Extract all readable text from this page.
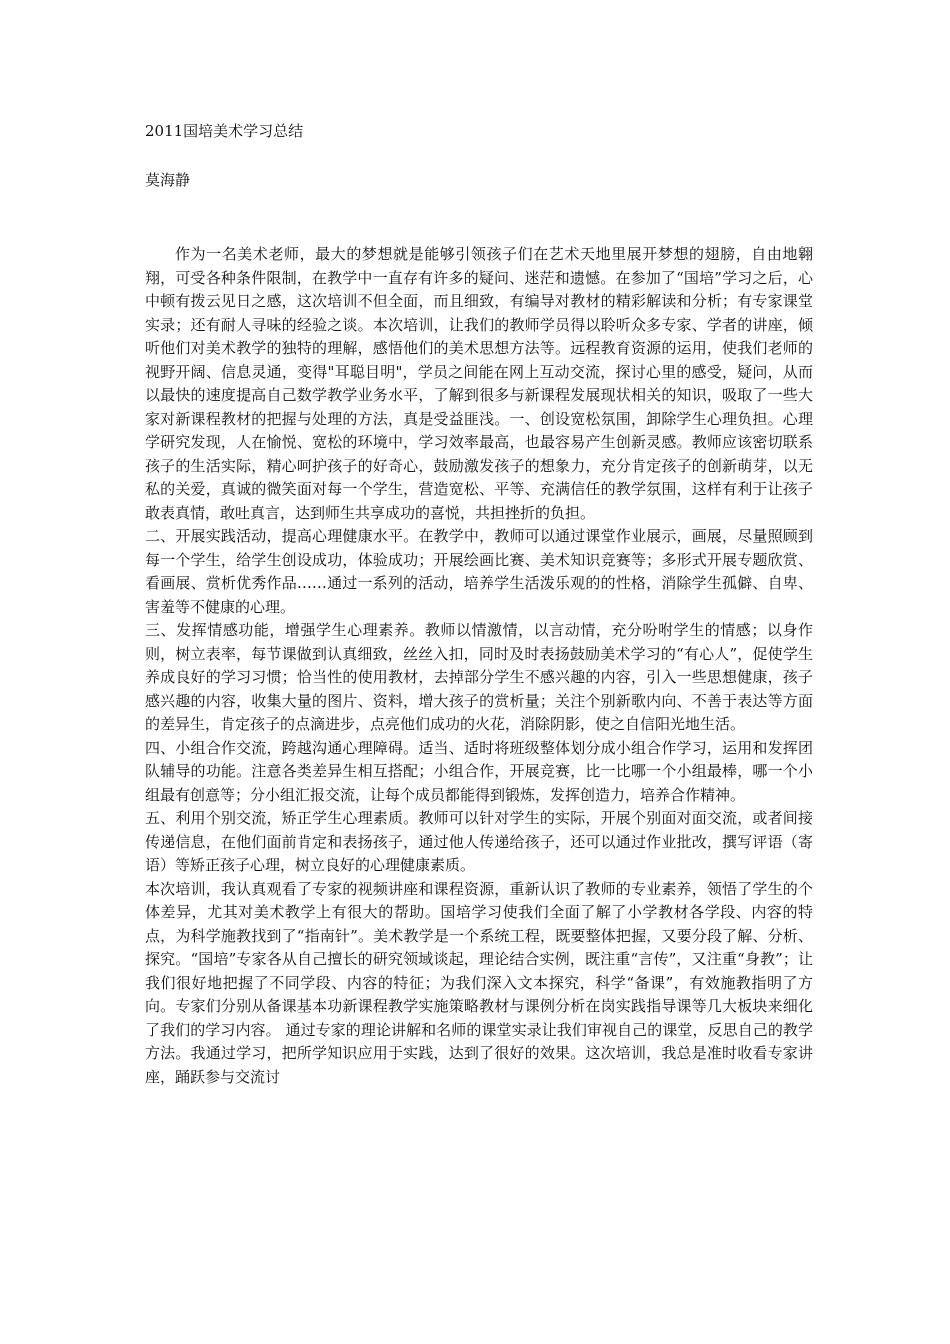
2011国培美术学习总结
莫海静

作为一名美术老师，最大的梦想就是能够引领孩子们在艺术天地里展开梦想的翅膀，自由地翱翔，可受各种条件限制，在教学中一直存有许多的疑问、迷茫和遗憾。在参加了“国培”学习之后，心中顿有拨云见日之感，这次培训不但全面，而且细致，有编导对教材的精彩解读和分析；有专家课堂实录；还有耐人寻味的经验之谈。本次培训，让我们的教师学员得以聆听众多专家、学者的讲座，倾听他们对美术教学的独特的理解，感悟他们的美术思想方法等。远程教育资源的运用，使我们老师的视野开阔、信息灵通，变得"耳聪目明"，学员之间能在网上互动交流，探讨心里的感受，疑问，从而以最快的速度提高自己数学教学业务水平，了解到很多与新课程发展现状相关的知识，吸取了一些大家对新课程教材的把握与处理的方法，真是受益匪浅。一、创设宽松氛围，卸除学生心理负担。心理学研究发现，人在愉悦、宽松的环境中，学习效率最高，也最容易产生创新灵感。教师应该密切联系孩子的生活实际，精心呵护孩子的好奇心，鼓励激发孩子的想象力，充分肯定孩子的创新萌芽，以无私的关爱，真诚的微笑面对每一个学生，营造宽松、平等、充满信任的教学氛围，这样有利于让孩子敢表真情，敢吐真言，达到师生共享成功的喜悦，共担挫折的负担。

二、开展实践活动，提高心理健康水平。在教学中，教师可以通过课堂作业展示，画展，尽量照顾到每一个学生，给学生创设成功，体验成功；开展绘画比赛、美术知识竞赛等；多形式开展专题欣赏、看画展、赏析优秀作品……通过一系列的活动，培养学生活泼乐观的的性格，消除学生孤僻、自卑、害羞等不健康的心理。

三、发挥情感功能，增强学生心理素养。教师以情激情，以言动情，充分吩咐学生的情感；以身作则，树立表率，每节课做到认真细致，丝丝入扣，同时及时表扬鼓励美术学习的“有心人”，促使学生养成良好的学习习惯；恰当性的使用教材，去掉部分学生不感兴趣的内容，引入一些思想健康，孩子感兴趣的内容，收集大量的图片、资料，增大孩子的赏析量；关注个别新歌内向、不善于表达等方面的差异生，肯定孩子的点滴进步，点亮他们成功的火花，消除阴影，使之自信阳光地生活。

四、小组合作交流，跨越沟通心理障碍。适当、适时将班级整体划分成小组合作学习，运用和发挥团队辅导的功能。注意各类差异生相互搭配；小组合作，开展竞赛，比一比哪一个小组最棒，哪一个小组最有创意等；分小组汇报交流，让每个成员都能得到锻炼，发挥创造力，培养合作精神。

五、利用个别交流，矫正学生心理素质。教师可以针对学生的实际，开展个别面对面交流，或者间接传递信息，在他们面前肯定和表扬孩子，通过他人传递给孩子，还可以通过作业批改，撰写评语（寄语）等矫正孩子心理，树立良好的心理健康素质。

本次培训，我认真观看了专家的视频讲座和课程资源，重新认识了教师的专业素养，领悟了学生的个体差异，尤其对美术教学上有很大的帮助。国培学习使我们全面了解了小学教材各学段、内容的特点，为科学施教找到了“指南针”。美术教学是一个系统工程，既要整体把握，又要分段了解、分析、探究。“国培”专家各从自己擅长的研究领域谈起，理论结合实例，既注重“言传”，又注重“身教”；让我们很好地把握了不同学段、内容的特征；为我们深入文本探究，科学“备课”，有效施教指明了方向。专家们分别从备课基本功新课程教学实施策略教材与课例分析在岗实践指导课等几大板块来细化了我们的学习内容。 通过专家的理论讲解和名师的课堂实录让我们审视自己的课堂，反思自己的教学方法。我通过学习，把所学知识应用于实践，达到了很好的效果。这次培训，我总是准时收看专家讲座，踊跃参与交流讨
